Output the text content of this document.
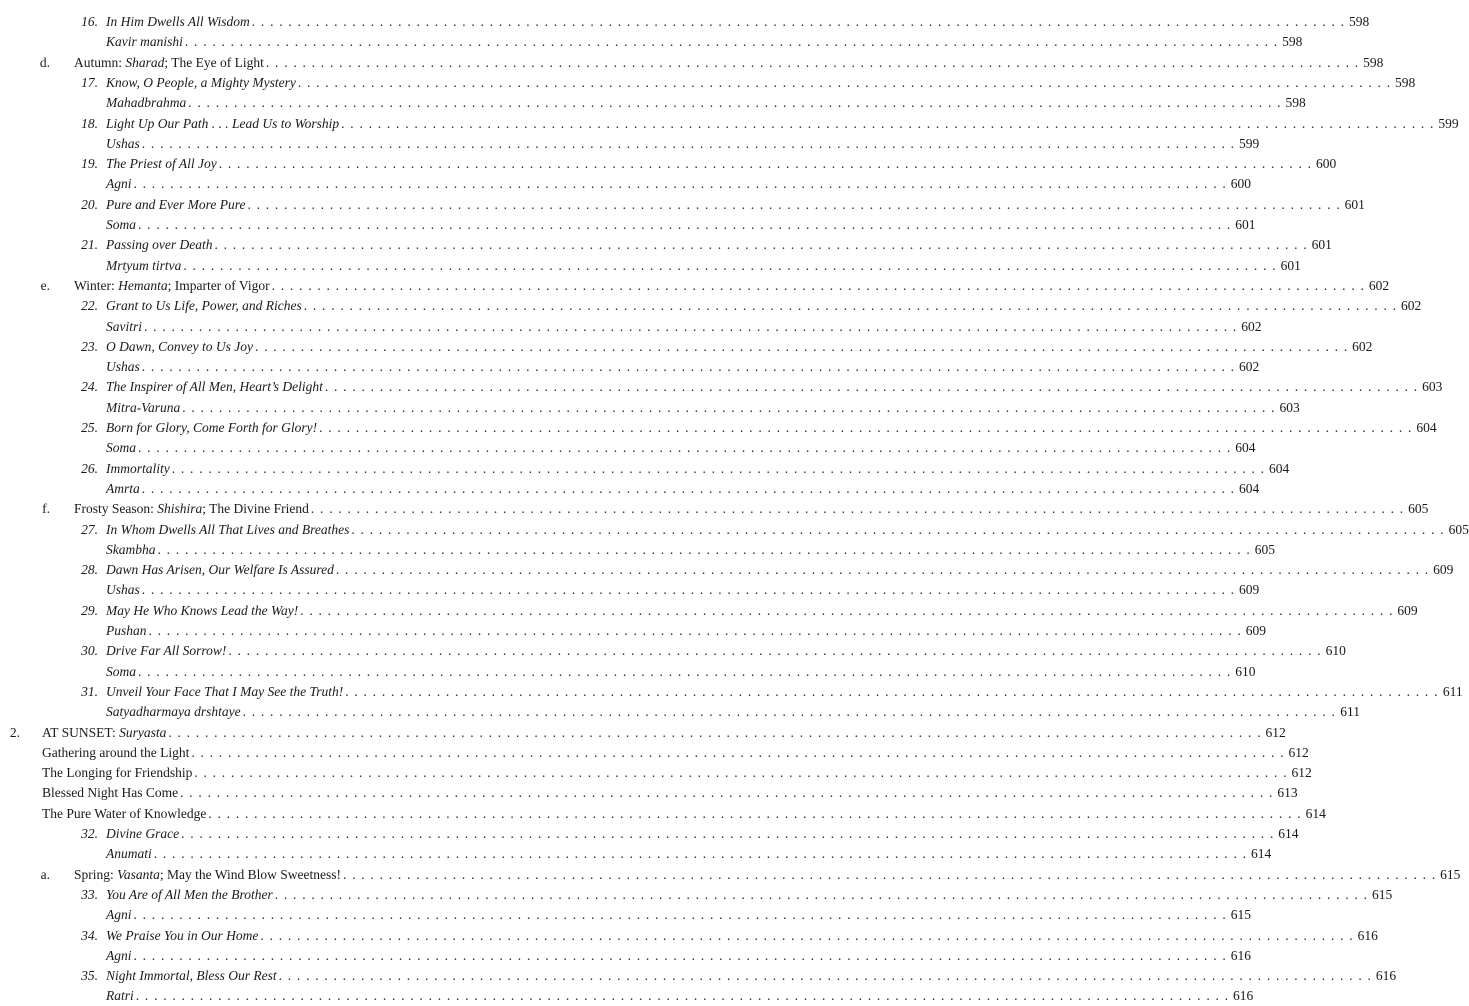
16. In Him Dwells All Wisdom . . . . . . . . . . . . . . . . . . . . . . . . . . . . . . . . . . . . . . . . . . . . . . . . . . . . . . . . . . . . . . . . . . . . . . . . . . . . . . . . . . . . . . . . . . . . . . . . . . . . . . . . . . . . . . . . . . . . . . . . 598
Kavir manishi . . . . . . . . . . . . . . . . . . . . . . . . . . . . . . . . . . . . . . . . . . . . . . . . . . . . . . . . . . . . . . . . . . . . . . . . . . . . . . . . . . . . . . . . . . . . . . . . . . . . . . . . . . . . . . . . . . . . . . . . 598
d. Autumn: Sharad; The Eye of Light . . . . . . . . . . . . . . . . . . . . . . . . . . . . . . . . . . . . . . . . . . . . . . . . . . . . . . . . . . . . . . . . . . . . . . . . . . . . . . . . . . . . . . . . . . . . . . . . . . . . . . . . . . . . . . . . . . . . . . . . 598
17. Know, O People, a Mighty Mystery . . . . . . . . . . . . . . . . . . . . . . . . . . . . . . . . . . . . . . . . . . . . . . . . . . . . . . . . . . . . . . . . . . . . . . . . . . . . . . . . . . . . . . . . . . . . . . . . . . . . . . . . . . . . . . . . . . . . . . . . 598
Mahadbrahma . . . . . . . . . . . . . . . . . . . . . . . . . . . . . . . . . . . . . . . . . . . . . . . . . . . . . . . . . . . . . . . . . . . . . . . . . . . . . . . . . . . . . . . . . . . . . . . . . . . . . . . . . . . . . . . . . . . . . . . . 598
18. Light Up Our Path . . . Lead Us to Worship . . . . . . . . . . . . . . . . . . . . . . . . . . . . . . . . . . . . . . . . . . . . . . . . . . . . . . . . . . . . . . . . . . . . . . . . . . . . . . . . . . . . . . . . . . . . . . . . . . . . . . . . . . . . . . . . . . . . . . . . 599
Ushas . . . . . . . . . . . . . . . . . . . . . . . . . . . . . . . . . . . . . . . . . . . . . . . . . . . . . . . . . . . . . . . . . . . . . . . . . . . . . . . . . . . . . . . . . . . . . . . . . . . . . . . . . . . . . . . . . . . . . . . . 599
19. The Priest of All Joy . . . . . . . . . . . . . . . . . . . . . . . . . . . . . . . . . . . . . . . . . . . . . . . . . . . . . . . . . . . . . . . . . . . . . . . . . . . . . . . . . . . . . . . . . . . . . . . . . . . . . . . . . . . . . . . . . . . . . . . . 600
Agni . . . . . . . . . . . . . . . . . . . . . . . . . . . . . . . . . . . . . . . . . . . . . . . . . . . . . . . . . . . . . . . . . . . . . . . . . . . . . . . . . . . . . . . . . . . . . . . . . . . . . . . . . . . . . . . . . . . . . . . . 600
20. Pure and Ever More Pure . . . . . . . . . . . . . . . . . . . . . . . . . . . . . . . . . . . . . . . . . . . . . . . . . . . . . . . . . . . . . . . . . . . . . . . . . . . . . . . . . . . . . . . . . . . . . . . . . . . . . . . . . . . . . . . . . . . . . . . . 601
Soma . . . . . . . . . . . . . . . . . . . . . . . . . . . . . . . . . . . . . . . . . . . . . . . . . . . . . . . . . . . . . . . . . . . . . . . . . . . . . . . . . . . . . . . . . . . . . . . . . . . . . . . . . . . . . . . . . . . . . . . . 601
21. Passing over Death . . . . . . . . . . . . . . . . . . . . . . . . . . . . . . . . . . . . . . . . . . . . . . . . . . . . . . . . . . . . . . . . . . . . . . . . . . . . . . . . . . . . . . . . . . . . . . . . . . . . . . . . . . . . . . . . . . . . . . . . 601
Mrtyum tirtva . . . . . . . . . . . . . . . . . . . . . . . . . . . . . . . . . . . . . . . . . . . . . . . . . . . . . . . . . . . . . . . . . . . . . . . . . . . . . . . . . . . . . . . . . . . . . . . . . . . . . . . . . . . . . . . . . . . . . . . . 601
e. Winter: Hemanta; Imparter of Vigor . . . . . . . . . . . . . . . . . . . . . . . . . . . . . . . . . . . . . . . . . . . . . . . . . . . . . . . . . . . . . . . . . . . . . . . . . . . . . . . . . . . . . . . . . . . . . . . . . . . . . . . . . . . . . . . . . . . . . . . . 602
22. Grant to Us Life, Power, and Riches . . . . . . . . . . . . . . . . . . . . . . . . . . . . . . . . . . . . . . . . . . . . . . . . . . . . . . . . . . . . . . . . . . . . . . . . . . . . . . . . . . . . . . . . . . . . . . . . . . . . . . . . . . . . . . . . . . . . . . . . 602
Savitri . . . . . . . . . . . . . . . . . . . . . . . . . . . . . . . . . . . . . . . . . . . . . . . . . . . . . . . . . . . . . . . . . . . . . . . . . . . . . . . . . . . . . . . . . . . . . . . . . . . . . . . . . . . . . . . . . . . . . . . . 602
23. O Dawn, Convey to Us Joy . . . . . . . . . . . . . . . . . . . . . . . . . . . . . . . . . . . . . . . . . . . . . . . . . . . . . . . . . . . . . . . . . . . . . . . . . . . . . . . . . . . . . . . . . . . . . . . . . . . . . . . . . . . . . . . . . . . . . . . . 602
Ushas . . . . . . . . . . . . . . . . . . . . . . . . . . . . . . . . . . . . . . . . . . . . . . . . . . . . . . . . . . . . . . . . . . . . . . . . . . . . . . . . . . . . . . . . . . . . . . . . . . . . . . . . . . . . . . . . . . . . . . . . 602
24. The Inspirer of All Men, Heart’s Delight . . . . . . . . . . . . . . . . . . . . . . . . . . . . . . . . . . . . . . . . . . . . . . . . . . . . . . . . . . . . . . . . . . . . . . . . . . . . . . . . . . . . . . . . . . . . . . . . . . . . . . . . . . . . . . . . . . . . . . . . 603
Mitra-Varuna . . . . . . . . . . . . . . . . . . . . . . . . . . . . . . . . . . . . . . . . . . . . . . . . . . . . . . . . . . . . . . . . . . . . . . . . . . . . . . . . . . . . . . . . . . . . . . . . . . . . . . . . . . . . . . . . . . . . . . . . 603
25. Born for Glory, Come Forth for Glory! . . . . . . . . . . . . . . . . . . . . . . . . . . . . . . . . . . . . . . . . . . . . . . . . . . . . . . . . . . . . . . . . . . . . . . . . . . . . . . . . . . . . . . . . . . . . . . . . . . . . . . . . . . . . . . . . . . . . . . . . 604
Soma . . . . . . . . . . . . . . . . . . . . . . . . . . . . . . . . . . . . . . . . . . . . . . . . . . . . . . . . . . . . . . . . . . . . . . . . . . . . . . . . . . . . . . . . . . . . . . . . . . . . . . . . . . . . . . . . . . . . . . . . 604
26. Immortality . . . . . . . . . . . . . . . . . . . . . . . . . . . . . . . . . . . . . . . . . . . . . . . . . . . . . . . . . . . . . . . . . . . . . . . . . . . . . . . . . . . . . . . . . . . . . . . . . . . . . . . . . . . . . . . . . . . . . . . . 604
Amrta . . . . . . . . . . . . . . . . . . . . . . . . . . . . . . . . . . . . . . . . . . . . . . . . . . . . . . . . . . . . . . . . . . . . . . . . . . . . . . . . . . . . . . . . . . . . . . . . . . . . . . . . . . . . . . . . . . . . . . . . 604
f. Frosty Season: Shishira; The Divine Friend . . . . . . . . . . . . . . . . . . . . . . . . . . . . . . . . . . . . . . . . . . . . . . . . . . . . . . . . . . . . . . . . . . . . . . . . . . . . . . . . . . . . . . . . . . . . . . . . . . . . . . . . . . . . . . . . . . . . . . . . 605
27. In Whom Dwells All That Lives and Breathes . . . . . . . . . . . . . . . . . . . . . . . . . . . . . . . . . . . . . . . . . . . . . . . . . . . . . . . . . . . . . . . . . . . . . . . . . . . . . . . . . . . . . . . . . . . . . . . . . . . . . . . . . . . . . . . . . . . . . . . . 605
Skambha . . . . . . . . . . . . . . . . . . . . . . . . . . . . . . . . . . . . . . . . . . . . . . . . . . . . . . . . . . . . . . . . . . . . . . . . . . . . . . . . . . . . . . . . . . . . . . . . . . . . . . . . . . . . . . . . . . . . . . . . 605
28. Dawn Has Arisen, Our Welfare Is Assured . . . . . . . . . . . . . . . . . . . . . . . . . . . . . . . . . . . . . . . . . . . . . . . . . . . . . . . . . . . . . . . . . . . . . . . . . . . . . . . . . . . . . . . . . . . . . . . . . . . . . . . . . . . . . . . . . . . . . . . . 609
Ushas . . . . . . . . . . . . . . . . . . . . . . . . . . . . . . . . . . . . . . . . . . . . . . . . . . . . . . . . . . . . . . . . . . . . . . . . . . . . . . . . . . . . . . . . . . . . . . . . . . . . . . . . . . . . . . . . . . . . . . . . 609
29. May He Who Knows Lead the Way! . . . . . . . . . . . . . . . . . . . . . . . . . . . . . . . . . . . . . . . . . . . . . . . . . . . . . . . . . . . . . . . . . . . . . . . . . . . . . . . . . . . . . . . . . . . . . . . . . . . . . . . . . . . . . . . . . . . . . . . . 609
Pushan . . . . . . . . . . . . . . . . . . . . . . . . . . . . . . . . . . . . . . . . . . . . . . . . . . . . . . . . . . . . . . . . . . . . . . . . . . . . . . . . . . . . . . . . . . . . . . . . . . . . . . . . . . . . . . . . . . . . . . . . 609
30. Drive Far All Sorrow! . . . . . . . . . . . . . . . . . . . . . . . . . . . . . . . . . . . . . . . . . . . . . . . . . . . . . . . . . . . . . . . . . . . . . . . . . . . . . . . . . . . . . . . . . . . . . . . . . . . . . . . . . . . . . . . . . . . . . . . . 610
Soma . . . . . . . . . . . . . . . . . . . . . . . . . . . . . . . . . . . . . . . . . . . . . . . . . . . . . . . . . . . . . . . . . . . . . . . . . . . . . . . . . . . . . . . . . . . . . . . . . . . . . . . . . . . . . . . . . . . . . . . . 610
31. Unveil Your Face That I May See the Truth! . . . . . . . . . . . . . . . . . . . . . . . . . . . . . . . . . . . . . . . . . . . . . . . . . . . . . . . . . . . . . . . . . . . . . . . . . . . . . . . . . . . . . . . . . . . . . . . . . . . . . . . . . . . . . . . . . . . . . . . . 611
Satyadharmaya drshtaye . . . . . . . . . . . . . . . . . . . . . . . . . . . . . . . . . . . . . . . . . . . . . . . . . . . . . . . . . . . . . . . . . . . . . . . . . . . . . . . . . . . . . . . . . . . . . . . . . . . . . . . . . . . . . . . . . . . . . . . . 611
2. AT SUNSET: Suryasta . . . . . . . . . . . . . . . . . . . . . . . . . . . . . . . . . . . . . . . . . . . . . . . . . . . . . . . . . . . . . . . . . . . . . . . . . . . . . . . . . . . . . . . . . . . . . . . . . . . . . . . . . . . . . . . . . . . . . . . . 612
Gathering around the Light . . . . . . . . . . . . . . . . . . . . . . . . . . . . . . . . . . . . . . . . . . . . . . . . . . . . . . . . . . . . . . . . . . . . . . . . . . . . . . . . . . . . . . . . . . . . . . . . . . . . . . . . . . . . . . . . . . . . . . . . 612
The Longing for Friendship . . . . . . . . . . . . . . . . . . . . . . . . . . . . . . . . . . . . . . . . . . . . . . . . . . . . . . . . . . . . . . . . . . . . . . . . . . . . . . . . . . . . . . . . . . . . . . . . . . . . . . . . . . . . . . . . . . . . . . . . 612
Blessed Night Has Come . . . . . . . . . . . . . . . . . . . . . . . . . . . . . . . . . . . . . . . . . . . . . . . . . . . . . . . . . . . . . . . . . . . . . . . . . . . . . . . . . . . . . . . . . . . . . . . . . . . . . . . . . . . . . . . . . . . . . . . . 613
The Pure Water of Knowledge . . . . . . . . . . . . . . . . . . . . . . . . . . . . . . . . . . . . . . . . . . . . . . . . . . . . . . . . . . . . . . . . . . . . . . . . . . . . . . . . . . . . . . . . . . . . . . . . . . . . . . . . . . . . . . . . . . . . . . . . 614
32. Divine Grace . . . . . . . . . . . . . . . . . . . . . . . . . . . . . . . . . . . . . . . . . . . . . . . . . . . . . . . . . . . . . . . . . . . . . . . . . . . . . . . . . . . . . . . . . . . . . . . . . . . . . . . . . . . . . . . . . . . . . . . . 614
Anumati . . . . . . . . . . . . . . . . . . . . . . . . . . . . . . . . . . . . . . . . . . . . . . . . . . . . . . . . . . . . . . . . . . . . . . . . . . . . . . . . . . . . . . . . . . . . . . . . . . . . . . . . . . . . . . . . . . . . . . . . 614
a. Spring: Vasanta; May the Wind Blow Sweetness! . . . . . . . . . . . . . . . . . . . . . . . . . . . . . . . . . . . . . . . . . . . . . . . . . . . . . . . . . . . . . . . . . . . . . . . . . . . . . . . . . . . . . . . . . . . . . . . . . . . . . . . . . . . . . . . . . . . . . . . . 615
33. You Are of All Men the Brother . . . . . . . . . . . . . . . . . . . . . . . . . . . . . . . . . . . . . . . . . . . . . . . . . . . . . . . . . . . . . . . . . . . . . . . . . . . . . . . . . . . . . . . . . . . . . . . . . . . . . . . . . . . . . . . . . . . . . . . . 615
Agni . . . . . . . . . . . . . . . . . . . . . . . . . . . . . . . . . . . . . . . . . . . . . . . . . . . . . . . . . . . . . . . . . . . . . . . . . . . . . . . . . . . . . . . . . . . . . . . . . . . . . . . . . . . . . . . . . . . . . . . . 615
34. We Praise You in Our Home . . . . . . . . . . . . . . . . . . . . . . . . . . . . . . . . . . . . . . . . . . . . . . . . . . . . . . . . . . . . . . . . . . . . . . . . . . . . . . . . . . . . . . . . . . . . . . . . . . . . . . . . . . . . . . . . . . . . . . . . 616
Agni . . . . . . . . . . . . . . . . . . . . . . . . . . . . . . . . . . . . . . . . . . . . . . . . . . . . . . . . . . . . . . . . . . . . . . . . . . . . . . . . . . . . . . . . . . . . . . . . . . . . . . . . . . . . . . . . . . . . . . . . 616
35. Night Immortal, Bless Our Rest . . . . . . . . . . . . . . . . . . . . . . . . . . . . . . . . . . . . . . . . . . . . . . . . . . . . . . . . . . . . . . . . . . . . . . . . . . . . . . . . . . . . . . . . . . . . . . . . . . . . . . . . . . . . . . . . . . . . . . . . 616
Ratri . . . . . . . . . . . . . . . . . . . . . . . . . . . . . . . . . . . . . . . . . . . . . . . . . . . . . . . . . . . . . . . . . . . . . . . . . . . . . . . . . . . . . . . . . . . . . . . . . . . . . . . . . . . . . . . . . . . . . . . . 616
